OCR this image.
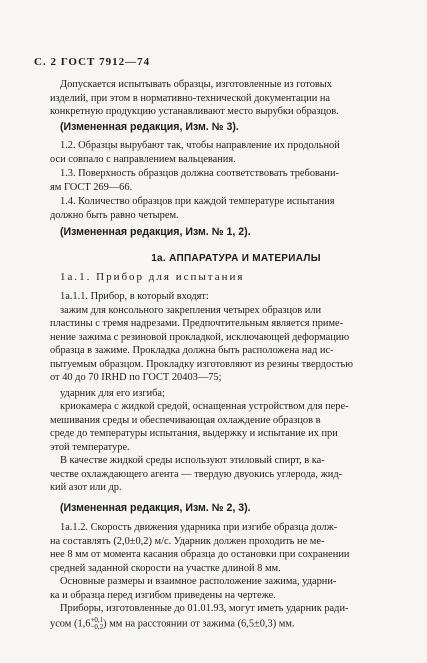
С. 2 ГОСТ 7912—74
Допускается испытывать образцы, изготовленные из готовых
изделий, при этом в нормативно-технической документации на
конкретную продукцию устанавливают место вырубки образцов.
(Измененная редакция, Изм. № 3).
1.2. Образцы вырубают так, чтобы направление их продольной
оси совпало с направлением вальцевания.
1.3. Поверхность образцов должна соответствовать требовани-
ям ГОСТ 269—66.
1.4. Количество образцов при каждой температуре испытания
должно быть равно четырем.
(Измененная редакция, Изм. № 1, 2).
1а. АППАРАТУРА И МАТЕРИАЛЫ
1а.1. Прибор для испытания
1а.1.1. Прибор, в который входят:
зажим для консольного закрепления четырех образцов или
пластины с тремя надрезами. Предпочтительным является приме-
нение зажима с резиновой прокладкой, исключающей деформацию
образца в зажиме. Прокладка должна быть расположена над ис-
пытуемым образцом. Прокладку изготовляют из резины твердостью
от 40 до 70 IRHD по ГОСТ 20403—75;
ударник для его изгиба;
криокамера с жидкой средой, оснащенная устройством для пере-
мешивания среды и обеспечивающая охлаждение образцов в
среде до температуры испытания, выдержку и испытание их при
этой температуре.
В качестве жидкой среды используют этиловый спирт, в ка-
честве охлаждающего агента — твердую двуокись углерода, жид-
кий азот или др.
(Измененная редакция, Изм. № 2, 3).
1а.1.2. Скорость движения ударника при изгибе образца долж-
на составлять (2,0±0,2) м/с. Ударник должен проходить не ме-
нее 8 мм от момента касания образца до остановки при сохранении
средней заданной скорости на участке длиной 8 мм.
Основные размеры и взаимное расположение зажима, ударни-
ка и образца перед изгибом приведены на чертеже.
Приборы, изготовленные до 01.01.93, могут иметь ударник ради-
усом (1,6 +0,1
−0,2 ) мм на расстоянии от зажима (6,5±0,3) мм.
